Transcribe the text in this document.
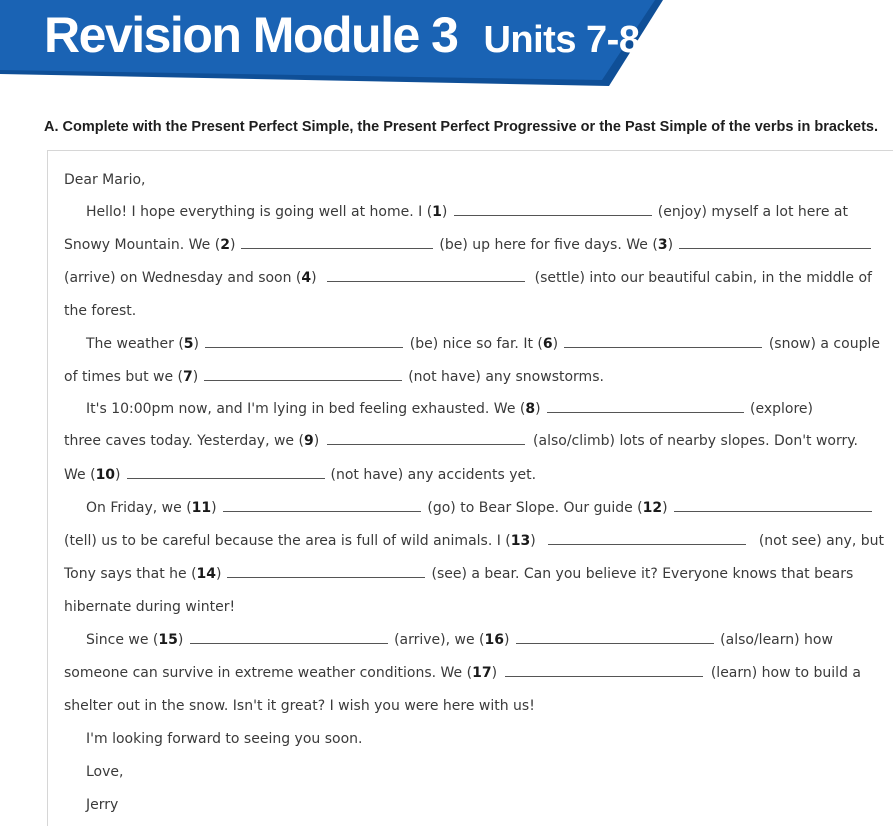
Revision Module 3 Units 7-8
A. Complete with the Present Perfect Simple, the Present Perfect Progressive or the Past Simple of the verbs in brackets.
Dear Mario,
Hello! I hope everything is going well at home. I (1)	(enjoy) myself a lot here at
Snowy Mountain. We (2)	(be) up here for five days. We (3)
(arrive) on Wednesday and soon (4)	(settle) into our beautiful cabin, in the middle of
the forest.
The weather (5)	(be) nice so far. It (6)	(snow) a couple
of times but we (7)	(not have) any snowstorms.
It's 10:00pm now, and I'm lying in bed feeling exhausted. We (8)	(explore)
three caves today. Yesterday, we (9)	(also/climb) lots of nearby slopes. Don't worry.
We (10)	(not have) any accidents yet.
On Friday, we (11)	(go) to Bear Slope. Our guide (12)
(tell) us to be careful because the area is full of wild animals. I (13)	(not see) any, but
Tony says that he (14)	(see) a bear. Can you believe it? Everyone knows that bears
hibernate during winter!
Since we (15)	(arrive), we (16)	(also/learn) how
someone can survive in extreme weather conditions. We (17)	(learn) how to build a
shelter out in the snow. Isn't it great? I wish you were here with us!
I'm looking forward to seeing you soon.
Love,
Jerry
